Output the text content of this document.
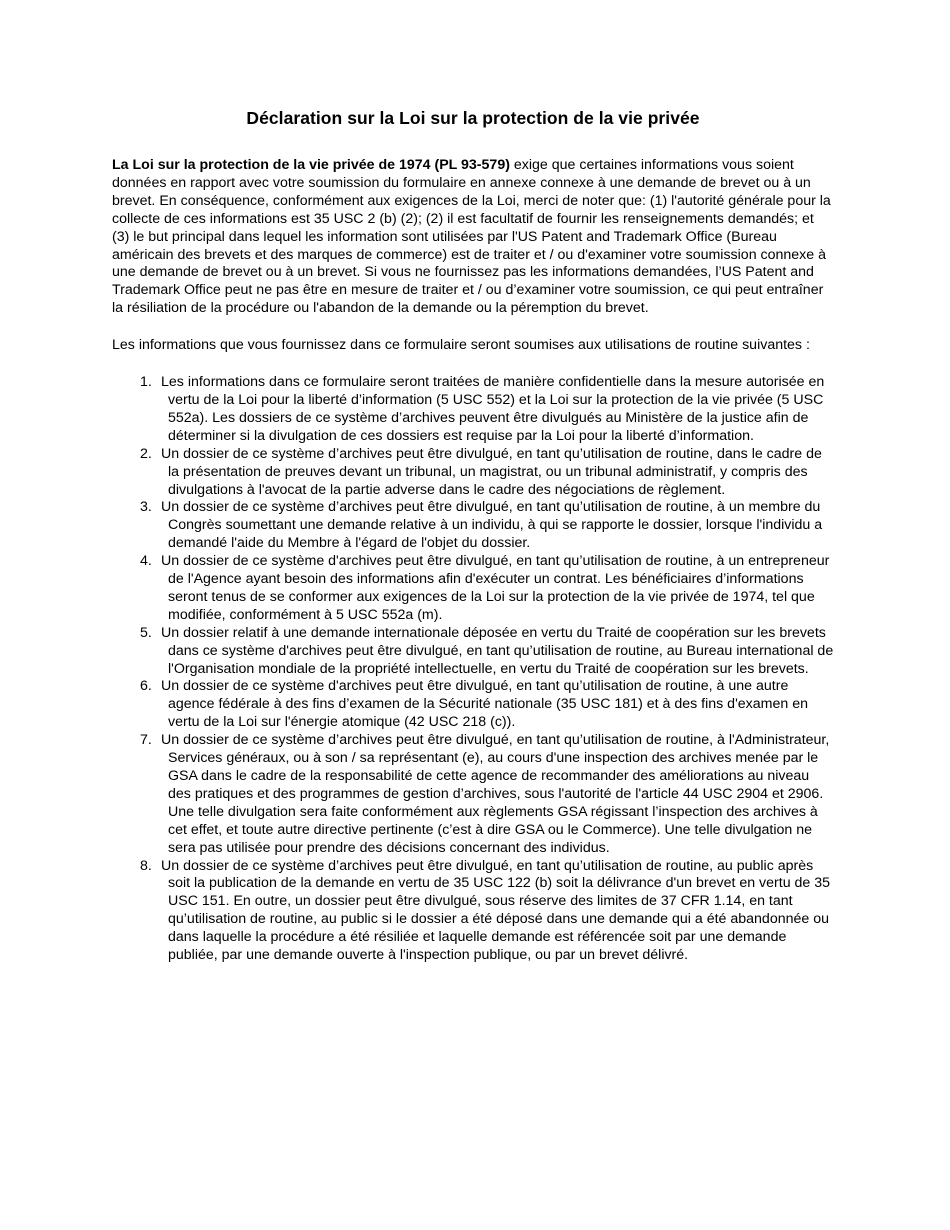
Déclaration sur la Loi sur la protection de la vie privée

La Loi sur la protection de la vie privée de 1974 (PL 93-579) exige que certaines informations vous soient données en rapport avec votre soumission du formulaire en annexe connexe à une demande de brevet ou à un brevet. En conséquence, conformément aux exigences de la Loi, merci de noter que: (1) l'autorité générale pour la collecte de ces informations est 35 USC 2 (b) (2); (2) il est facultatif de fournir les renseignements demandés; et (3) le but principal dans lequel les information sont utilisées par l'US Patent and Trademark Office (Bureau américain des brevets et des marques de commerce) est de traiter et / ou d'examiner votre soumission connexe à une demande de brevet ou à un brevet. Si vous ne fournissez pas les informations demandées, l’US Patent and Trademark Office peut ne pas être en mesure de traiter et / ou d’examiner votre soumission, ce qui peut entraîner la résiliation de la procédure ou l'abandon de la demande ou la péremption du brevet.

Les informations que vous fournissez dans ce formulaire seront soumises aux utilisations de routine suivantes :

1 . Les informations dans ce formulaire seront traitées de manière confidentielle dans la mesure autorisée en vertu de la Loi pour la liberté d’information (5 USC 552) et la Loi sur la protection de la vie privée (5 USC 552a). Les dossiers de ce système d’archives peuvent être divulgués au Ministère de la justice afin de déterminer si la divulgation de ces dossiers est requise par la Loi pour la liberté d’information.
2 . Un dossier de ce système d’archives peut être divulgué, en tant qu’utilisation de routine, dans le cadre de la présentation de preuves devant un tribunal, un magistrat, ou un tribunal administratif, y compris des divulgations à l'avocat de la partie adverse dans le cadre des négociations de règlement.
3 . Un dossier de ce système d’archives peut être divulgué, en tant qu’utilisation de routine, à un membre du Congrès soumettant une demande relative à un individu, à qui se rapporte le dossier, lorsque l'individu a demandé l'aide du Membre à l'égard de l'objet du dossier.
4 . Un dossier de ce système d'archives peut être divulgué, en tant qu’utilisation de routine, à un entrepreneur de l'Agence ayant besoin des informations afin d'exécuter un contrat. Les bénéficiaires d’informations seront tenus de se conformer aux exigences de la Loi sur la protection de la vie privée de 1974, tel que modifiée, conformément à 5 USC 552a (m).
5 . Un dossier relatif à une demande internationale déposée en vertu du Traité de coopération sur les brevets dans ce système d'archives peut être divulgué, en tant qu’utilisation de routine, au Bureau international de l'Organisation mondiale de la propriété intellectuelle, en vertu du Traité de coopération sur les brevets.
6 . Un dossier de ce système d'archives peut être divulgué, en tant qu’utilisation de routine, à une autre agence fédérale à des fins d’examen de la Sécurité nationale (35 USC 181) et à des fins d'examen en vertu de la Loi sur l'énergie atomique (42 USC 218 (c)).
7 . Un dossier de ce système d’archives peut être divulgué, en tant qu’utilisation de routine, à l'Administrateur, Services généraux, ou à son / sa représentant (e), au cours d'une inspection des archives menée par le GSA dans le cadre de la responsabilité de cette agence de recommander des améliorations au niveau des pratiques et des programmes de gestion d’archives, sous l'autorité de l'article 44 USC 2904 et 2906. Une telle divulgation sera faite conformément aux règlements GSA régissant l’inspection des archives à cet effet, et toute autre directive pertinente (c’est à dire GSA ou le Commerce). Une telle divulgation ne sera pas utilisée pour prendre des décisions concernant des individus.
8 . Un dossier de ce système d’archives peut être divulgué, en tant qu’utilisation de routine, au public après soit la publication de la demande en vertu de 35 USC 122 (b) soit la délivrance d'un brevet en vertu de 35 USC 151. En outre, un dossier peut être divulgué, sous réserve des limites de 37 CFR 1.14, en tant qu’utilisation de routine, au public si le dossier a été déposé dans une demande qui a été abandonnée ou dans laquelle la procédure a été résiliée et laquelle demande est référencée soit par une demande publiée, par une demande ouverte à l'inspection publique, ou par un brevet délivré.
